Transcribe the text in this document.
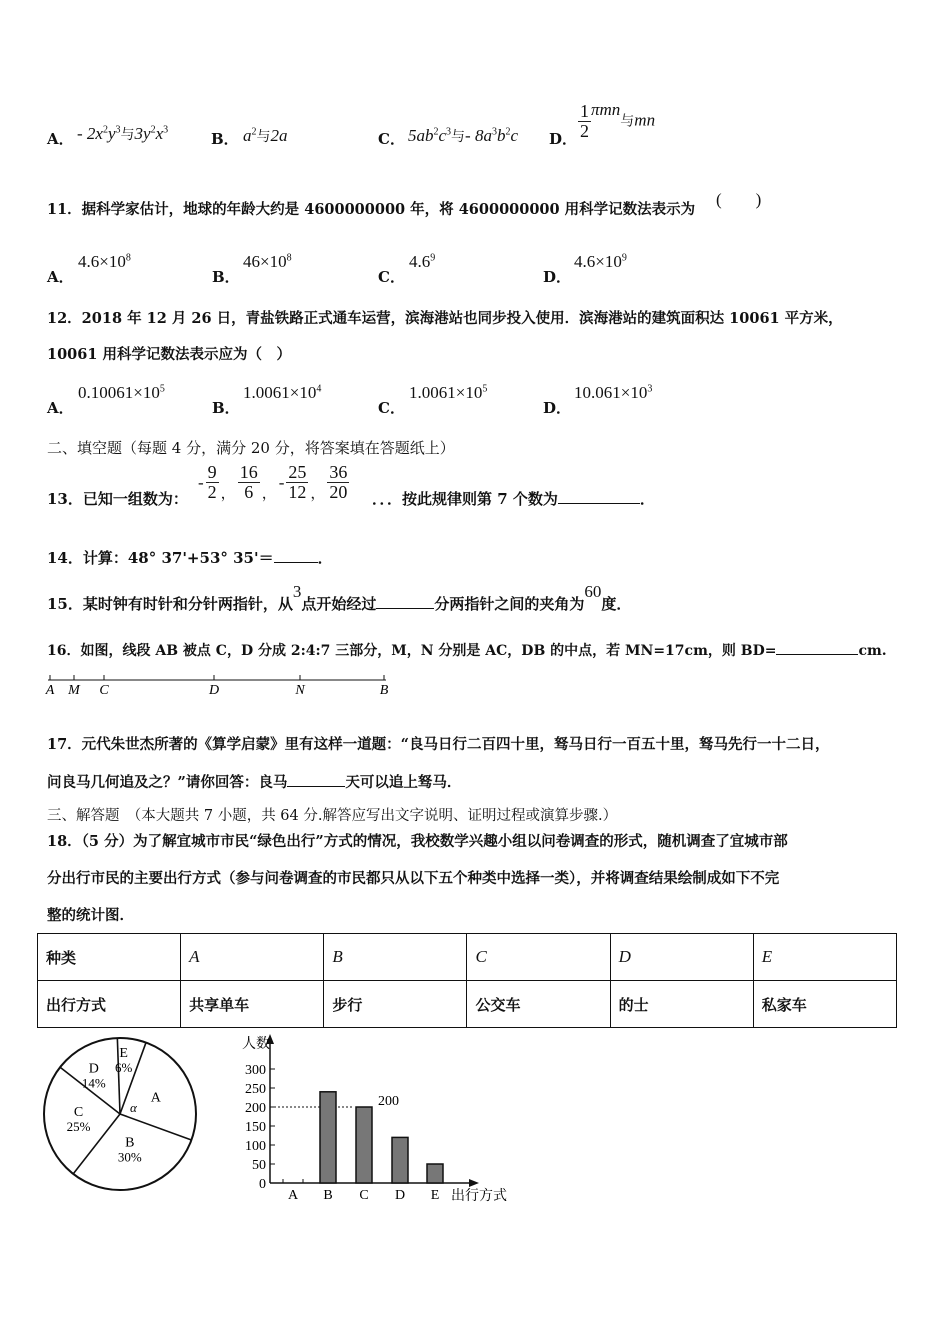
A． - $2x^2y^3$与$3y^2x^3$
B． $a^2$与2a	C． $5ab^2c^3$与- $8a^3b^2c$ D． $\frac{1}{2}$ πmn与mn
11．据科学家估计，地球的年龄大约是 4600000000 年，将 4600000000 用科学记数法表示为
(　　)
A．
$4.6\times 10^8$
B．
$46\times 10^8$
C．
$4.6^9$
D．
$4.6\times 10^9$
12．2018 年 12 月 26 日，青盐铁路正式通车运营，滨海港站也同步投入使用．滨海港站的建筑面积达 10061 平方米，
10061 用科学记数法表示应为（　）
A．
$0.10061\times 10^5$
B．
$1.0061\times 10^4$
C．
$1.0061\times 10^5$
D．
$10.061\times 10^3$
二、填空题（每题 4 分，满分 20 分，将答案填在答题纸上）
13．已知一组数为：
- $\frac{9}{2}$ ， $\frac{16}{6}$ ，
- $\frac{25}{12}$ ， $\frac{36}{20}$ ．．．按此规律则第 7 个数为	．
14．计算：48° 37'+53° 35'＝	．
15．某时钟有时针和分针两指针，从3点开始经过	分两指针之间的夹角为60度．
16．如图，线段 AB 被点 C，D 分成 2:4:7 三部分，M，N 分别是 AC，DB 的中点，若 MN=17cm，则 BD=	cm.
A M C	D	N	B
17．元代朱世杰所著的《算学启蒙》里有这样一道题：“良马日行二百四十里，驽马日行一百五十里，驽马先行一十二日，
问良马几何追及之？”请你回答：良马	天可以追上驽马．
三、解答题　（本大题共 7 小题，共 64 分.解答应写出文字说明、证明过程或演算步骤.）
18．（5 分）为了解宜城市市民“绿色出行”方式的情况，我校数学兴趣小组以问卷调查的形式，随机调查了宜城市部
分出行市民的主要出行方式（参与问卷调查的市民都只从以下五个种类中选择一类），并将调查结果绘制成如下不完
整的统计图．
种类	A	B	C	D	E
出行方式	共享单车	步行	公交车	的士	私家车
A
B
30%
C
25%
D
14%
E
6%
α
人数
0
50
100
150
200
250
300
A B C D E
200
出行方式
